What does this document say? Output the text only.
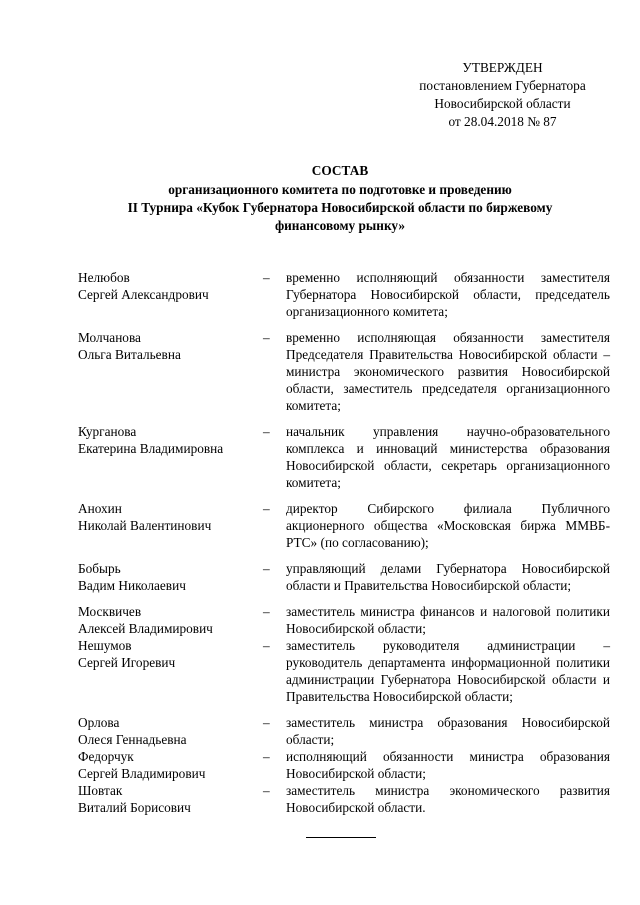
УТВЕРЖДЕН
постановлением Губернатора
Новосибирской области
от 28.04.2018 № 87
СОСТАВ
организационного комитета по подготовке и проведению
II Турнира «Кубок Губернатора Новосибирской области по биржевому
финансовому рынку»
Нелюбов
Сергей Александрович
–	временно исполняющий обязанности заместителя Губернатора Новосибирской области, председатель организационного комитета;
Молчанова
Ольга Витальевна
–	временно исполняющая обязанности заместителя Председателя Правительства Новосибирской области – министра экономического развития Новосибирской области, заместитель председателя организационного комитета;
Курганова
Екатерина Владимировна
–	начальник управления научно-образовательного комплекса и инноваций министерства образования Новосибирской области, секретарь организационного комитета;
Анохин
Николай Валентинович
–	директор Сибирского филиала Публичного акционерного общества «Московская биржа ММВБ-РТС» (по согласованию);
Бобырь
Вадим Николаевич
–	управляющий делами Губернатора Новосибирской области и Правительства Новосибирской области;
Москвичев
Алексей Владимирович
–	заместитель министра финансов и налоговой политики Новосибирской области;
Нешумов
Сергей Игоревич
–	заместитель руководителя администрации – руководитель департамента информационной политики администрации Губернатора Новосибирской области и Правительства Новосибирской области;
Орлова
Олеся Геннадьевна
–	заместитель министра образования Новосибирской области;
Федорчук
Сергей Владимирович
–	исполняющий обязанности министра образования Новосибирской области;
Шовтак
Виталий Борисович
–	заместитель министра экономического развития Новосибирской области.
